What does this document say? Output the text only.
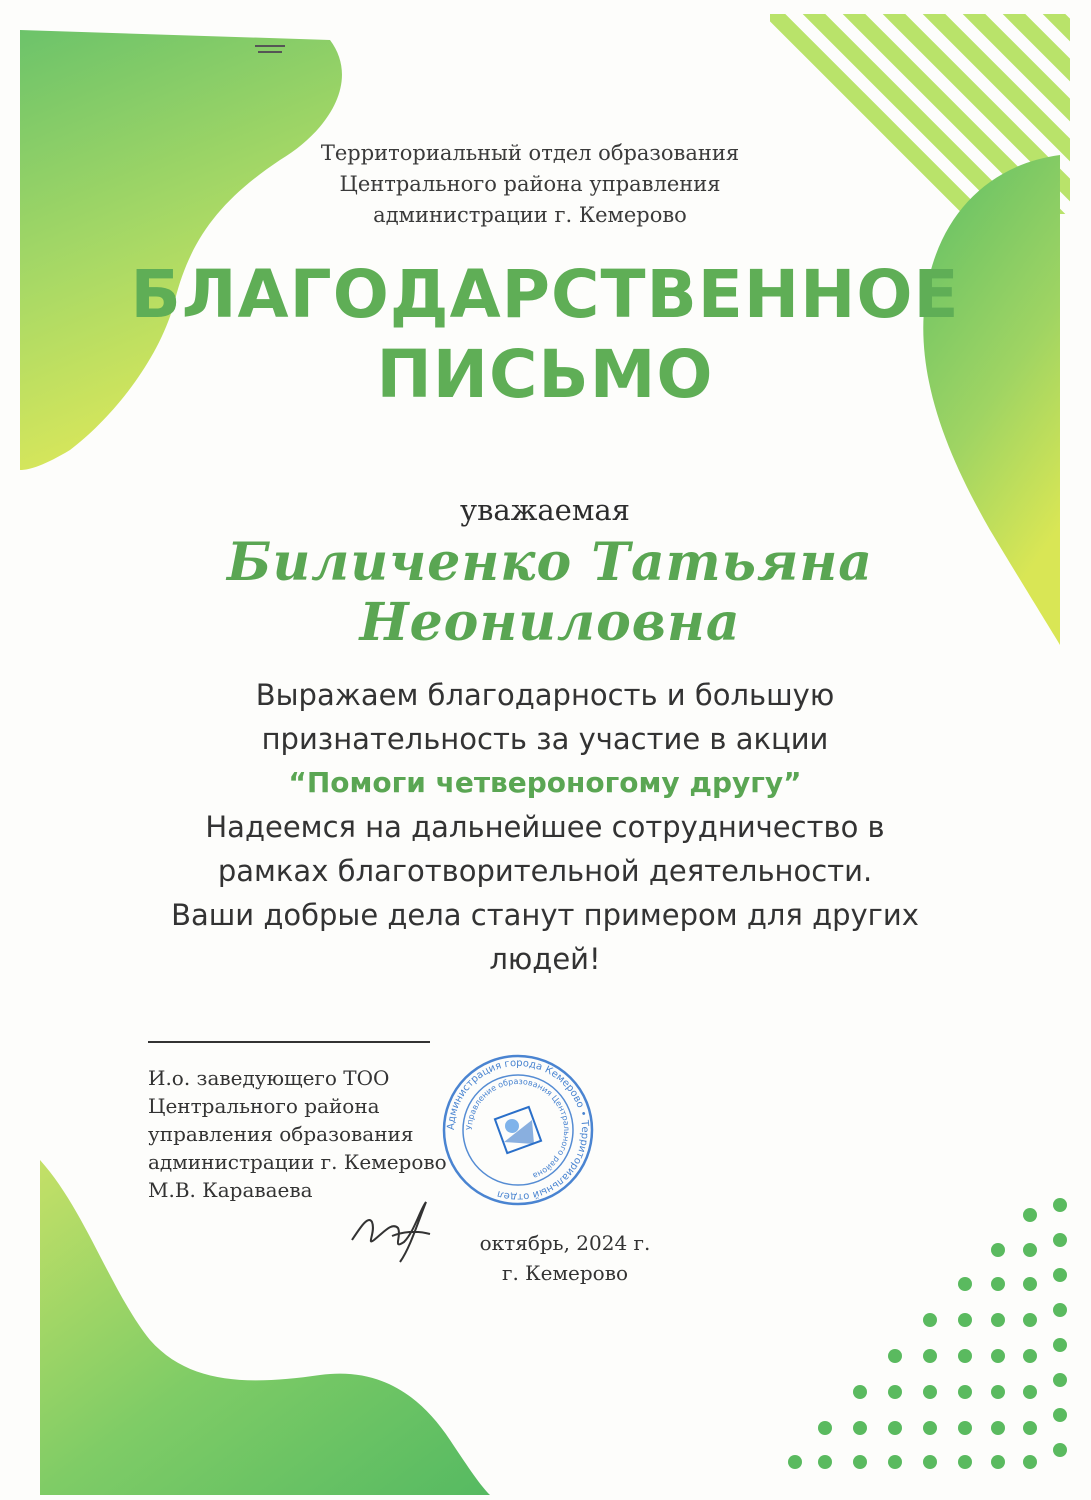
Территориальный отдел образования
Центрального района управления
администрации г. Кемерово
БЛАГОДАРСТВЕННОЕ
ПИСЬМО
уважаемая
Биличенко Татьяна
Неониловна
Выражаем благодарность и большую
признательность за участие в акции
“Помоги четвероногому другу”
Надеемся на дальнейшее сотрудничество в
рамках благотворительной деятельности.
Ваши добрые дела станут примером для других
людей!
И.о. заведующего ТОО
Центрального района
управления образования
администрации г. Кемерово
М.В. Караваева
Администрация города Кемерово • Территориальный отдел
Управление образования Центрального района
октябрь, 2024 г.
г. Кемерово
